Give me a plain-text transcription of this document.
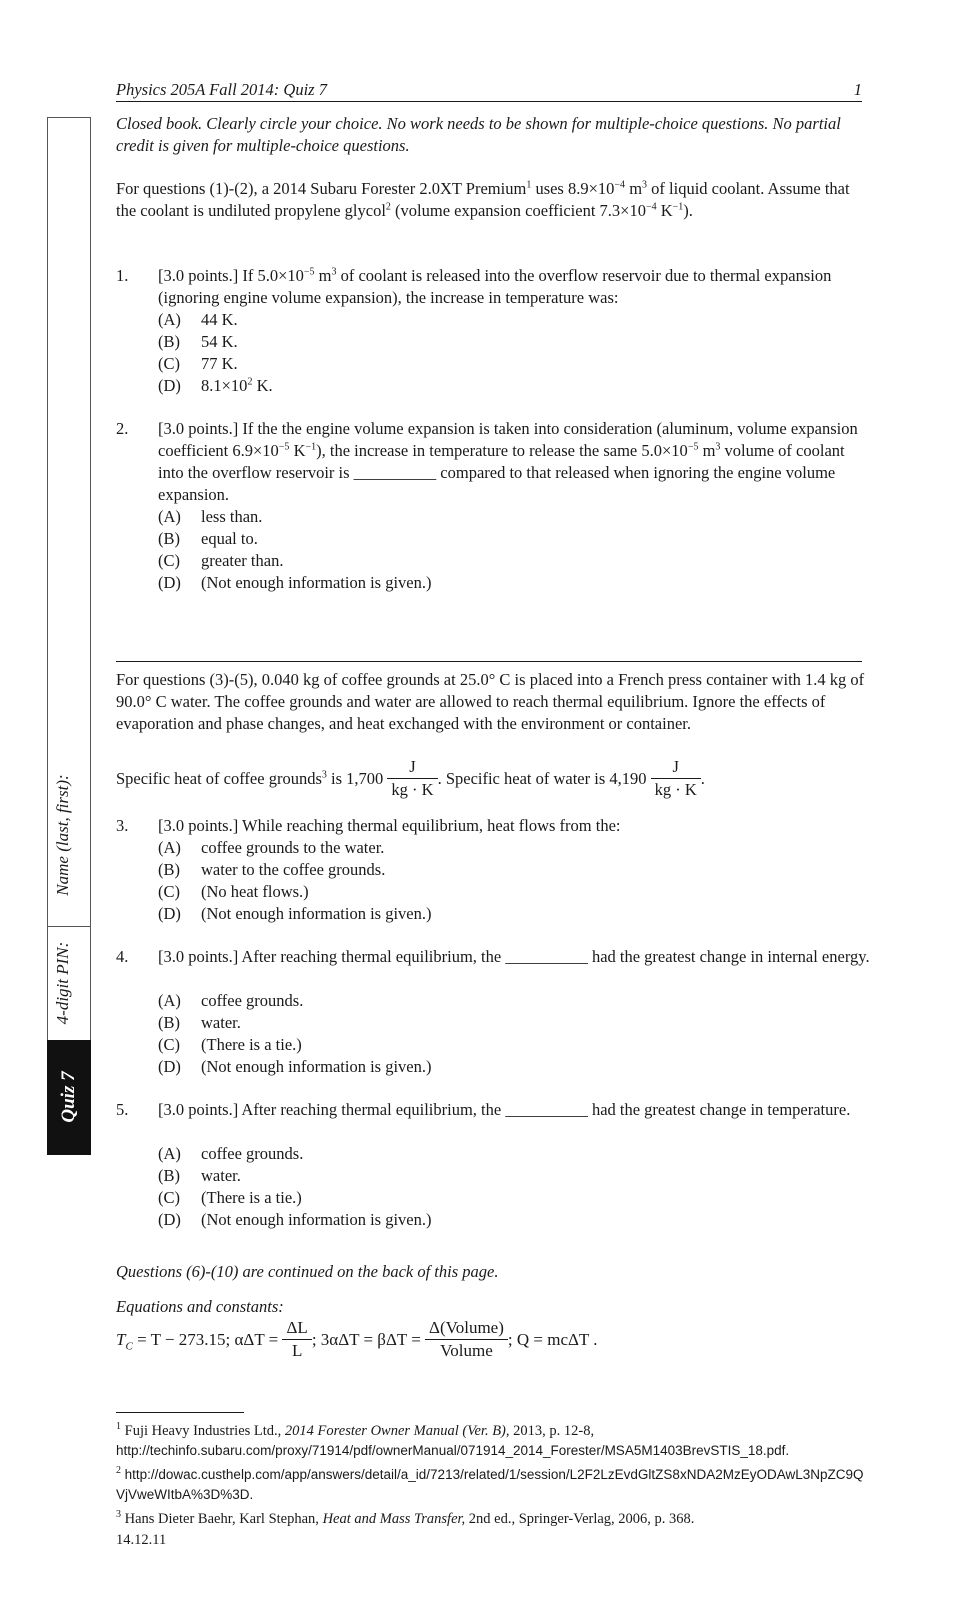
Physics 205A Fall 2014: Quiz 7	1
Quiz 7
4-digit PIN:
Name (last, first):
Closed book. Clearly circle your choice. No work needs to be shown for multiple-choice questions. No partial credit is given for multiple-choice questions.
For questions (1)-(2), a 2014 Subaru Forester 2.0XT Premium$^1$ uses $8.9\times 10^{-4}$ $m^3$ of liquid coolant. Assume that the coolant is undiluted propylene glycol$^2$ (volume expansion coefficient $7.3\times 10^{-4}$ $K^{-1}$).
1. [3.0 points.] If $5.0\times 10^{-5}$ $m^3$ of coolant is released into the overflow reservoir due to thermal expansion (ignoring engine volume expansion), the increase in temperature was:
(A) 44 K.
(B) 54 K.
(C) 77 K.
(D) $8.1\times 10^2$ K.
2. [3.0 points.] If the the engine volume expansion is taken into consideration (aluminum, volume expansion coefficient $6.9\times 10^{-5}$ $K^{-1}$), the increase in temperature to release the same $5.0\times 10^{-5}$ $m^3$ volume of coolant into the overflow reservoir is __________ compared to that released when ignoring the engine volume expansion.
(A) less than.
(B) equal to.
(C) greater than.
(D) (Not enough information is given.)
For questions (3)-(5), 0.040 kg of coffee grounds at 25.0° C is placed into a French press container with 1.4 kg of 90.0° C water. The coffee grounds and water are allowed to reach thermal equilibrium. Ignore the effects of evaporation and phase changes, and heat exchanged with the environment or container.
Specific heat of coffee grounds$^3$ is $1,700 \frac{J}{kg \cdot K}$ . Specific heat of water is $4,190 \frac{J}{kg \cdot K}$ .
3. [3.0 points.] While reaching thermal equilibrium, heat flows from the:
(A) coffee grounds to the water.
(B) water to the coffee grounds.
(C) (No heat flows.)
(D) (Not enough information is given.)
4. [3.0 points.] After reaching thermal equilibrium, the __________ had the greatest change in internal energy.
(A) coffee grounds.
(B) water.
(C) (There is a tie.)
(D) (Not enough information is given.)
5. [3.0 points.] After reaching thermal equilibrium, the __________ had the greatest change in temperature.
(A) coffee grounds.
(B) water.
(C) (There is a tie.)
(D) (Not enough information is given.)
Questions (6)-(10) are continued on the back of this page.
Equations and constants:
$T_C = T - 273.15$; $\alpha\Delta T = \frac{\Delta L}{L}$ ; $3\alpha\Delta T = \beta\Delta T = \frac{\text{Δ(Volume)}}{\text{Volume}}$ ; Q = mcΔT .
$^1$ Fuji Heavy Industries Ltd., 2014 Forester Owner Manual (Ver. B), 2013, p. 12-8, http://techinfo.subaru.com/proxy/71914/pdf/ownerManual/071914_2014_Forester/MSA5M1403BrevSTIS_18.pdf.
$^2$ http://dowac.custhelp.com/app/answers/detail/a_id/7213/related/1/session/L2F2LzEvdGltZS8xNDA2MzEyODAwL3NpZC9QVjVweWItbA%3D%3D.
$^3$ Hans Dieter Baehr, Karl Stephan, Heat and Mass Transfer, 2nd ed., Springer-Verlag, 2006, p. 368.
14.12.11
